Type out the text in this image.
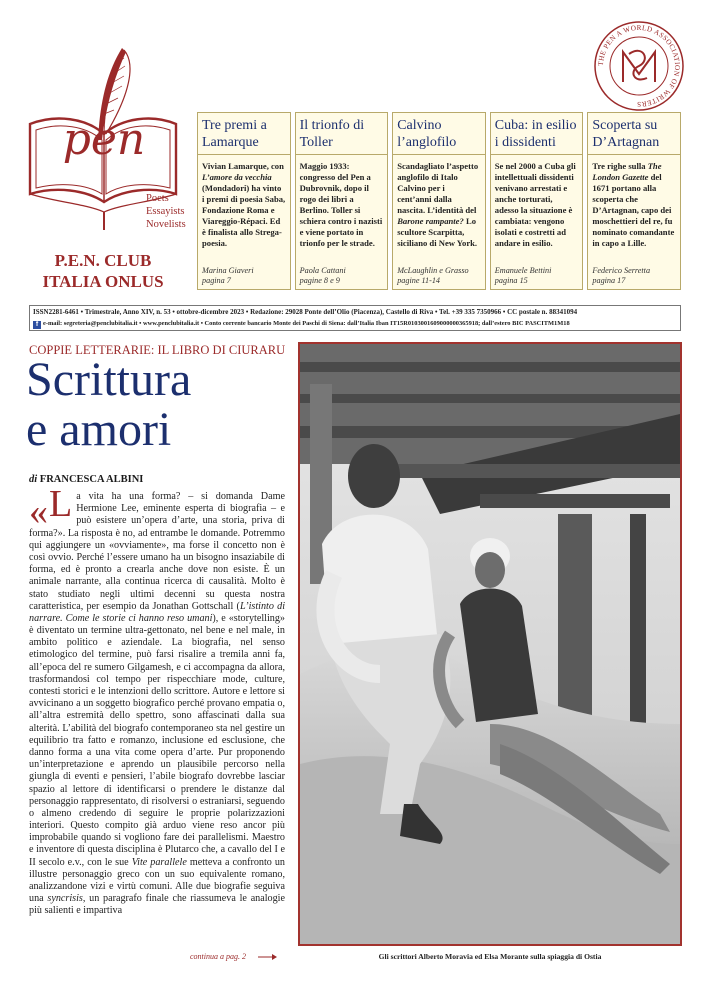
pen
Poets
Essayists
Novelists
P.E.N. CLUB
ITALIA ONLUS
THE PEN A WORLD ASSOCIATION OF WRITERS
Tre premi a Lamarque
Vivian Lamarque, con L’amore da vecchia (Mondadori) ha vinto i premi di poesia Saba, Fondazione Roma e Viareggio-Répaci. Ed è finalista allo Strega-poesia.
Marina Giaveri
pagina 7
Il trionfo di Toller
Maggio 1933: congresso del Pen a Dubrovnik, dopo il rogo dei libri a Berlino. Toller si schiera contro i nazisti e viene portato in trionfo per le strade.
Paola Cattani
pagine 8 e 9
Calvino l’anglofilo
Scandagliato l’aspetto anglofilo di Italo Calvino per i cent’anni dalla nascita. L’identità del Barone rampante? Lo scultore Scarpitta, siciliano di New York.
McLaughlin e Grasso
pagine 11-14
Cuba: in esilio i dissidenti
Se nel 2000 a Cuba gli intellettuali dissidenti venivano arrestati e anche torturati, adesso la situazione è cambiata: vengono isolati e costretti ad andare in esilio.
Emanuele Bettini
pagina 15
Scoperta su D’Artagnan
Tre righe sulla The London Gazette del 1671 portano alla scoperta che D’Artagnan, capo dei moschettieri del re, fu nominato comandante in capo a Lille.
Federico Serretta
pagina 17
ISSN2281-6461 • Trimestrale, Anno XIV, n. 53 • ottobre-dicembre 2023 • Redazione: 29028 Ponte dell’Olio (Piacenza), Castello di Riva • Tel. +39 335 7350966 • CC postale n. 88341094
f e-mail: segreteria@penclubitalia.it • www.penclubitalia.it • Conto corrente bancario Monte dei Paschi di Siena: dall’Italia Iban IT15R0103001609000000365918; dall’estero BIC PASCITM1M18
COPPIE LETTERARIE: IL LIBRO DI CIURARU
Scrittura
e amori
di FRANCESCA ALBINI
« L a vita ha una forma? – si domanda Dame Hermione Lee, eminente esperta di biografia – e può esistere un’opera d’arte, una storia, priva di forma?». La risposta è no, ad entrambe le domande. Potremmo qui aggiungere un «ovviamente», ma forse il concetto non è così ovvio. Perché l’essere umano ha un bisogno insaziabile di forma, ed è pronto a crearla anche dove non esiste. È un animale narrante, alla continua ricerca di causalità. Molto è stato studiato negli ultimi decenni su questa nostra caratteristica, per esempio da Jonathan Gottschall (L’istinto di narrare. Come le storie ci hanno reso umani), e «storytelling» è diventato un termine ultra-gettonato, nel bene e nel male, in ambito politico e aziendale. La biografia, nel senso etimologico del termine, può farsi risalire a tremila anni fa, all’epoca del re sumero Gilgamesh, e ci accompagna da allora, trasformandosi col tempo per rispecchiare mode, culture, contesti storici e le intenzioni dello scrittore. Autore e lettore si avvicinano a un soggetto biografico perché provano empatia o, all’altra estremità dello spettro, sono affascinati dalla sua alterità. L’abilità del biografo contemporaneo sta nel gestire un equilibrio tra fatto e romanzo, inclusione ed esclusione, che danno forma a una vita come opera d’arte. Pur proponendo un’interpretazione e aprendo un plausibile percorso nella giungla di eventi e pensieri, l’abile biografo dovrebbe lasciar spazio al lettore di identificarsi o prendere le distanze dal personaggio rappresentato, di risolversi o estraniarsi, seguendo o almeno credendo di seguire le proprie polarizzazioni interiori. Questo compito già arduo viene reso ancor più improbabile quando si vogliono fare dei parallelismi. Maestro e inventore di questa disciplina è Plutarco che, a cavallo del I e II secolo e.v., con le sue Vite parallele metteva a confronto un illustre personaggio greco con un suo equivalente romano, analizzandone vizi e virtù comuni. Alle due biografie seguiva una syncrisis, un paragrafo finale che riassumeva le analogie più salienti e impartiva
continua a pag. 2	Gli scrittori Alberto Moravia ed Elsa Morante sulla spiaggia di Ostia
